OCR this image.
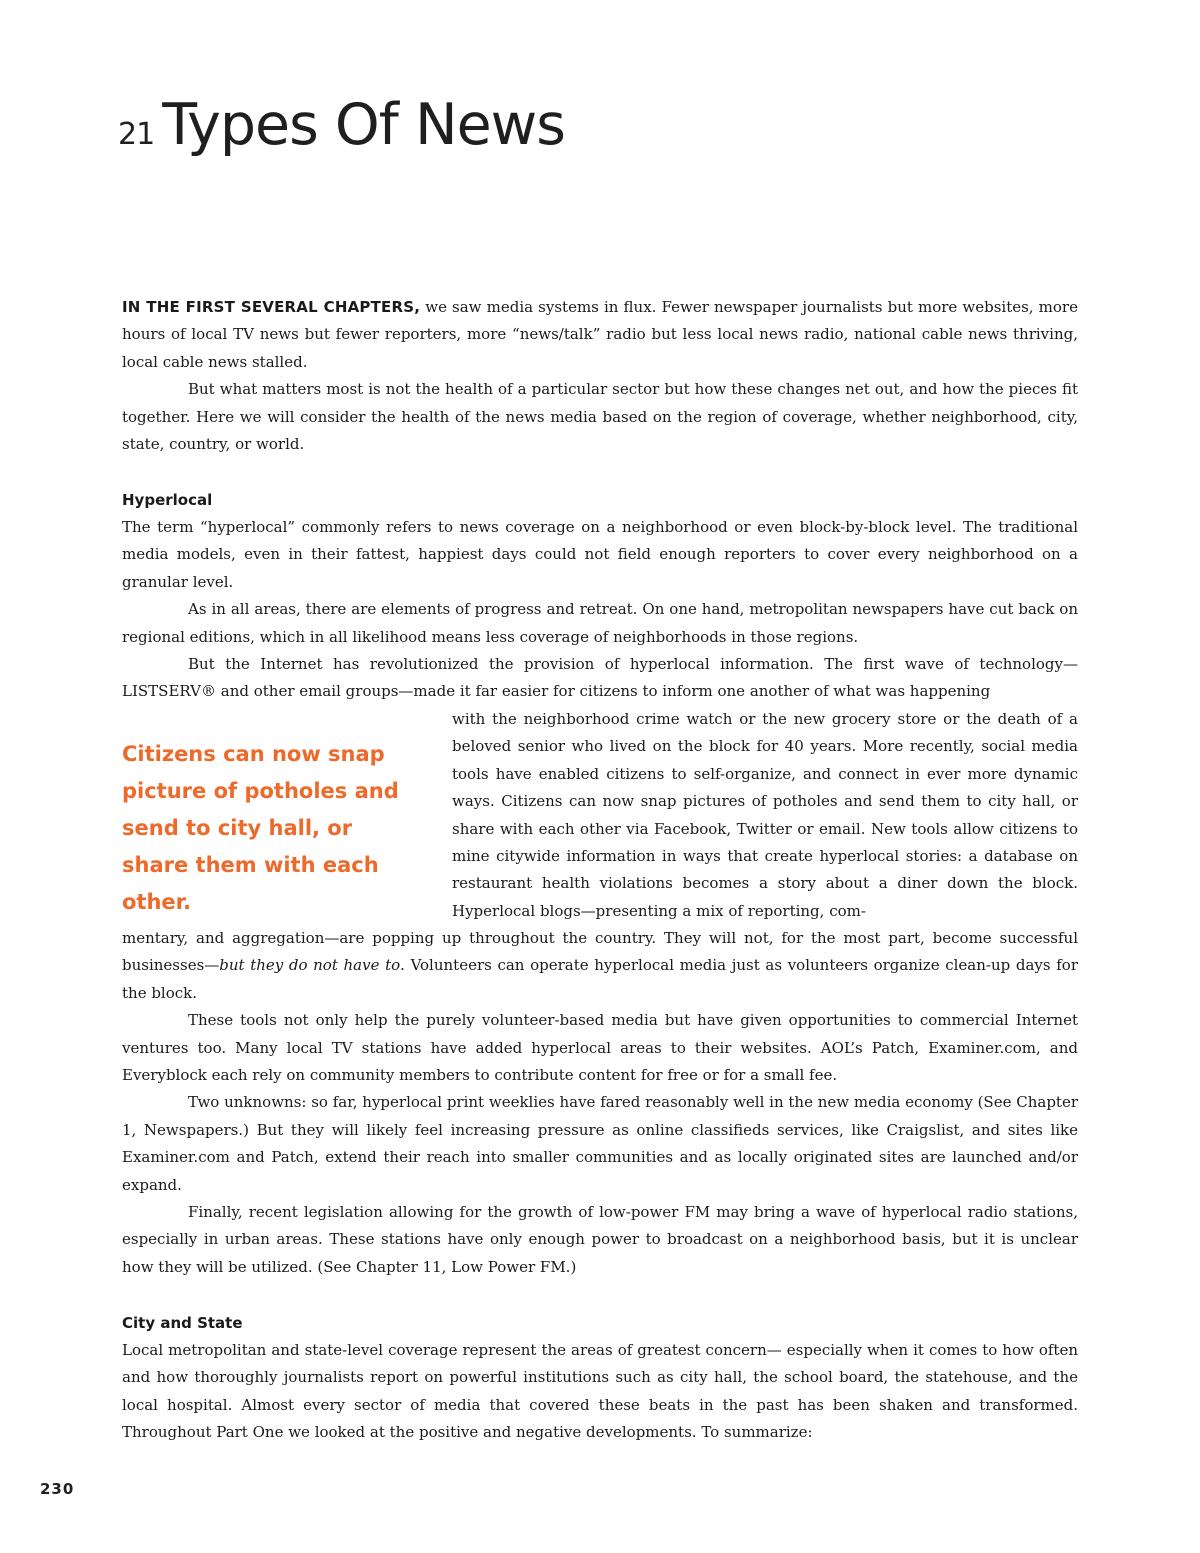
21 Types Of News

IN THE FIRST SEVERAL CHAPTERS, we saw media systems in flux. Fewer newspaper journalists but more websites, more hours of local TV news but fewer reporters, more “news/talk” radio but less local news radio, national cable news thriving, local cable news stalled.

But what matters most is not the health of a particular sector but how these changes net out, and how the pieces fit together. Here we will consider the health of the news media based on the region of coverage, whether neighborhood, city, state, country, or world.

Hyperlocal

The term “hyperlocal” commonly refers to news coverage on a neighborhood or even block-by-block level. The traditional media models, even in their fattest, happiest days could not field enough reporters to cover every neighborhood on a granular level.

As in all areas, there are elements of progress and retreat. On one hand, metropolitan newspapers have cut back on regional editions, which in all likelihood means less coverage of neighborhoods in those regions.

But the Internet has revolutionized the provision of hyperlocal information. The first wave of technology—LISTSERV® and other email groups—made it far easier for citizens to inform one another of what was happening

Citizens can now snap picture of potholes and send to city hall, or share them with each other.

with the neighborhood crime watch or the new grocery store or the death of a beloved senior who lived on the block for 40 years. More recently, social media tools have enabled citizens to self-organize, and connect in ever more dynamic ways. Citizens can now snap pictures of potholes and send them to city hall, or share with each other via Facebook, Twitter or email. New tools allow citizens to mine citywide information in ways that create hyperlocal stories: a database on restaurant health violations becomes a story about a diner down the block. Hyperlocal blogs—presenting a mix of reporting, com-

mentary, and aggregation—are popping up throughout the country. They will not, for the most part, become successful businesses—but they do not have to. Volunteers can operate hyperlocal media just as volunteers organize clean-up days for the block.

These tools not only help the purely volunteer-based media but have given opportunities to commercial Internet ventures too. Many local TV stations have added hyperlocal areas to their websites. AOL’s Patch, Examiner.com, and Everyblock each rely on community members to contribute content for free or for a small fee.

Two unknowns: so far, hyperlocal print weeklies have fared reasonably well in the new media economy (See Chapter 1, Newspapers.) But they will likely feel increasing pressure as online classifieds services, like Craigslist, and sites like Examiner.com and Patch, extend their reach into smaller communities and as locally originated sites are launched and/or expand.

Finally, recent legislation allowing for the growth of low-power FM may bring a wave of hyperlocal radio stations, especially in urban areas. These stations have only enough power to broadcast on a neighborhood basis, but it is unclear how they will be utilized. (See Chapter 11, Low Power FM.)

City and State

Local metropolitan and state-level coverage represent the areas of greatest concern— especially when it comes to how often and how thoroughly journalists report on powerful institutions such as city hall, the school board, the statehouse, and the local hospital. Almost every sector of media that covered these beats in the past has been shaken and transformed. Throughout Part One we looked at the positive and negative developments. To summarize:

230
